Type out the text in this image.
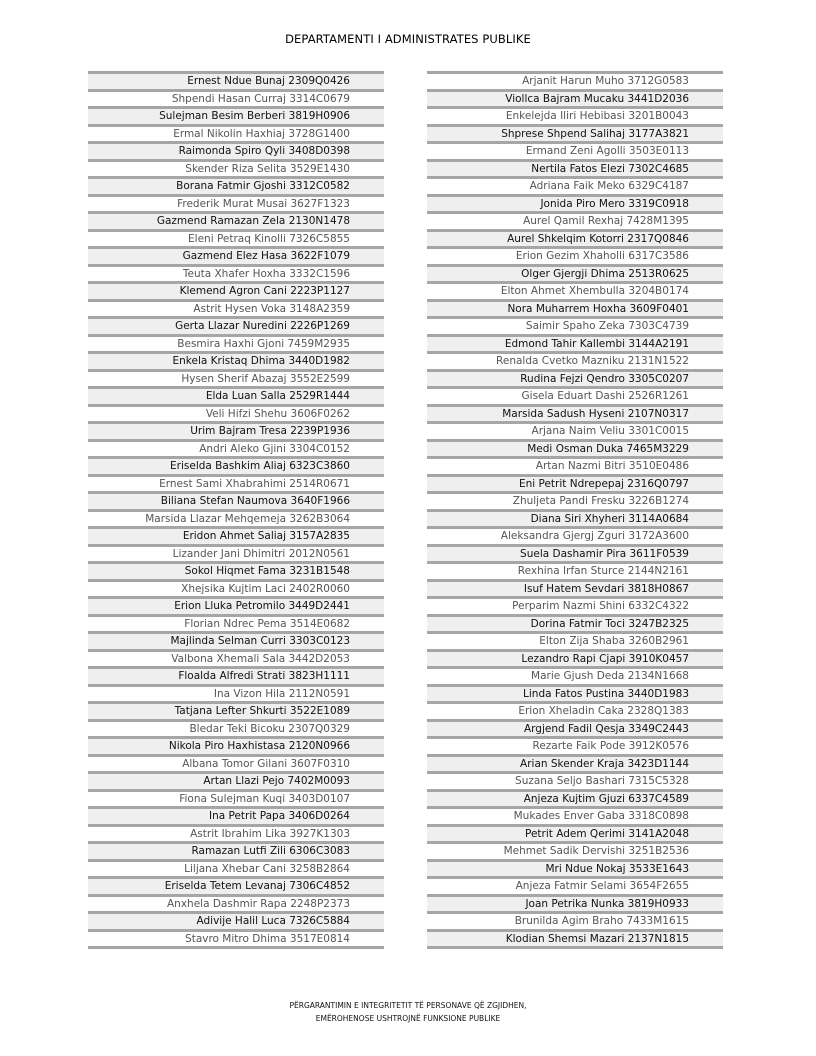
DEPARTAMENTI I ADMINISTRATES PUBLIKE
Ernest Ndue Bunaj 2309Q0426
Shpendi Hasan Curraj 3314C0679
Sulejman Besim Berberi 3819H0906
Ermal Nikolin Haxhiaj 3728G1400
Raimonda Spiro Qyli 3408D0398
Skender Riza Selita 3529E1430
Borana Fatmir Gjoshi 3312C0582
Frederik Murat Musai 3627F1323
Gazmend Ramazan Zela 2130N1478
Eleni Petraq Kinolli 7326C5855
Gazmend Elez Hasa 3622F1079
Teuta Xhafer Hoxha 3332C1596
Klemend Agron Cani 2223P1127
Astrit Hysen Voka 3148A2359
Gerta Llazar Nuredini 2226P1269
Besmira Haxhi Gjoni 7459M2935
Enkela Kristaq Dhima 3440D1982
Hysen Sherif Abazaj 3552E2599
Elda Luan Salla 2529R1444
Veli Hifzi Shehu 3606F0262
Urim Bajram Tresa 2239P1936
Andri Aleko Gjini 3304C0152
Eriselda Bashkim Aliaj 6323C3860
Ernest Sami Xhabrahimi 2514R0671
Biliana Stefan Naumova 3640F1966
Marsida Llazar Mehqemeja 3262B3064
Eridon Ahmet Saliaj 3157A2835
Lizander Jani Dhimitri 2012N0561
Sokol Hiqmet Fama 3231B1548
Xhejsika Kujtim Laci 2402R0060
Erion Lluka Petromilo 3449D2441
Florian Ndrec Pema 3514E0682
Majlinda Selman Curri 3303C0123
Valbona Xhemali Sala 3442D2053
Floalda Alfredi Strati 3823H1111
Ina Vizon Hila 2112N0591
Tatjana Lefter Shkurti 3522E1089
Bledar Teki Bicoku 2307Q0329
Nikola Piro Haxhistasa 2120N0966
Albana Tomor Gilani 3607F0310
Artan Llazi Pejo 7402M0093
Fiona Sulejman Kuqi 3403D0107
Ina Petrit Papa 3406D0264
Astrit Ibrahim Lika 3927K1303
Ramazan Lutfi Zili 6306C3083
Liljana Xhebar Cani 3258B2864
Eriselda Tetem Levanaj 7306C4852
Anxhela Dashmir Rapa 2248P2373
Adivije Halil Luca 7326C5884
Stavro Mitro Dhima 3517E0814
Arjanit Harun Muho 3712G0583
Viollca Bajram Mucaku 3441D2036
Enkelejda Iliri Hebibasi 3201B0043
Shprese Shpend Salihaj 3177A3821
Ermand Zeni Agolli 3503E0113
Nertila Fatos Elezi 7302C4685
Adriana Faik Meko 6329C4187
Jonida Piro Mero 3319C0918
Aurel Qamil Rexhaj 7428M1395
Aurel Shkelqim Kotorri 2317Q0846
Erion Gezim Xhaholli 6317C3586
Olger Gjergji Dhima 2513R0625
Elton Ahmet Xhembulla 3204B0174
Nora Muharrem Hoxha 3609F0401
Saimir Spaho Zeka 7303C4739
Edmond Tahir Kallembi 3144A2191
Renalda Cvetko Mazniku 2131N1522
Rudina Fejzi Qendro 3305C0207
Gisela Eduart Dashi 2526R1261
Marsida Sadush Hyseni 2107N0317
Arjana Naim Veliu 3301C0015
Medi Osman Duka 7465M3229
Artan Nazmi Bitri 3510E0486
Eni Petrit Ndrepepaj 2316Q0797
Zhuljeta Pandi Fresku 3226B1274
Diana Siri Xhyheri 3114A0684
Aleksandra Gjergj Zguri 3172A3600
Suela Dashamir Pira 3611F0539
Rexhina Irfan Sturce 2144N2161
Isuf Hatem Sevdari 3818H0867
Perparim Nazmi Shini 6332C4322
Dorina Fatmir Toci 3247B2325
Elton Zija Shaba 3260B2961
Lezandro Rapi Cjapi 3910K0457
Marie Gjush Deda 2134N1668
Linda Fatos Pustina 3440D1983
Erion Xheladin Caka 2328Q1383
Argjend Fadil Qesja 3349C2443
Rezarte Faik Pode 3912K0576
Arian Skender Kraja 3423D1144
Suzana Seljo Bashari 7315C5328
Anjeza Kujtim Gjuzi 6337C4589
Mukades Enver Gaba 3318C0898
Petrit Adem Qerimi 3141A2048
Mehmet Sadik Dervishi 3251B2536
Mri Ndue Nokaj 3533E1643
Anjeza Fatmir Selami 3654F2655
Joan Petrika Nunka 3819H0933
Brunilda Agim Braho 7433M1615
Klodian Shemsi Mazari 2137N1815
PËRGARANTIMIN E INTEGRITETIT TË PERSONAVE QË ZGJIDHEN,
EMËROHENOSE USHTROJNË FUNKSIONE PUBLIKE
